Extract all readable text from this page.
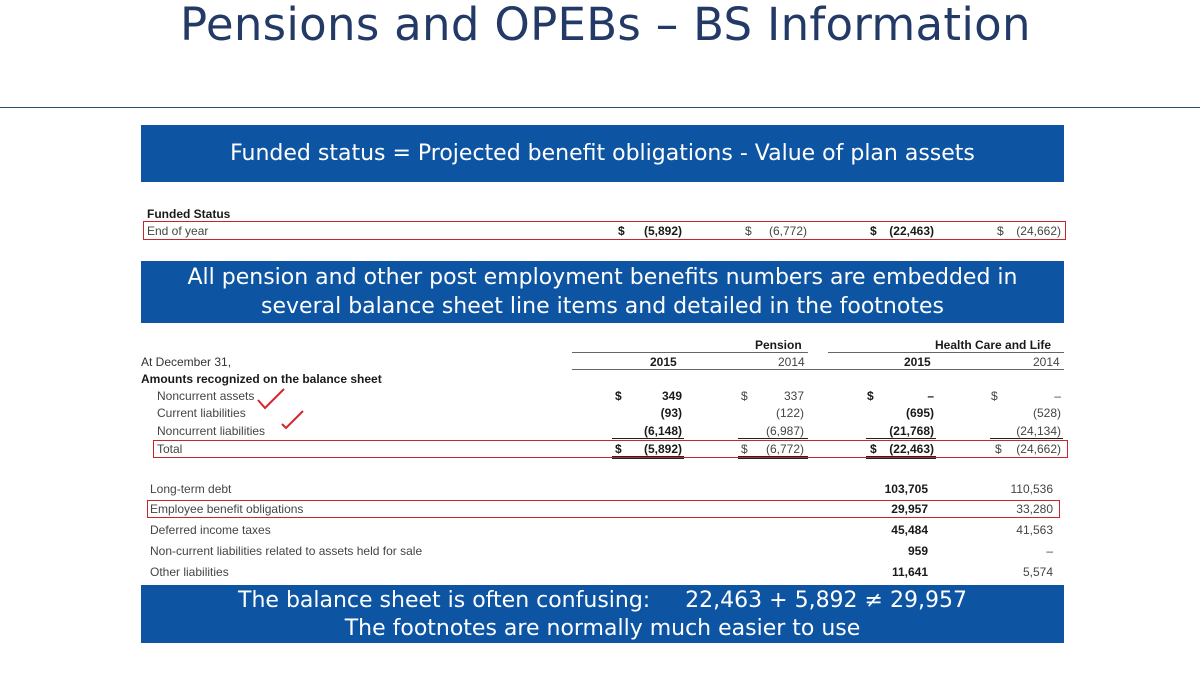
Pensions and OPEBs – BS Information
Funded status = Projected benefit obligations - Value of plan assets
Funded Status
End of year	$	(5,892)	$	(6,772)	$	(22,463)	$	(24,662)
All pension and other post employment benefits numbers are embedded in
several balance sheet line items and detailed in the footnotes
Pension	Health Care and Life
At December 31,	2015	2014	2015	2014
Amounts recognized on the balance sheet
Noncurrent assets	$	349	$	337	$	–	$	–
Current liabilities	(93)	(122)	(695)	(528)
Noncurrent liabilities	(6,148)	(6,987)	(21,768)	(24,134)
Total	$	(5,892)	$	(6,772)	$	(22,463)	$	(24,662)
Long-term debt	103,705	110,536
Employee benefit obligations	29,957	33,280
Deferred income taxes	45,484	41,563
Non-current liabilities related to assets held for sale	959	–
Other liabilities	11,641	5,574
The balance sheet is often confusing:     22,463 + 5,892 ≠ 29,957
The footnotes are normally much easier to use
